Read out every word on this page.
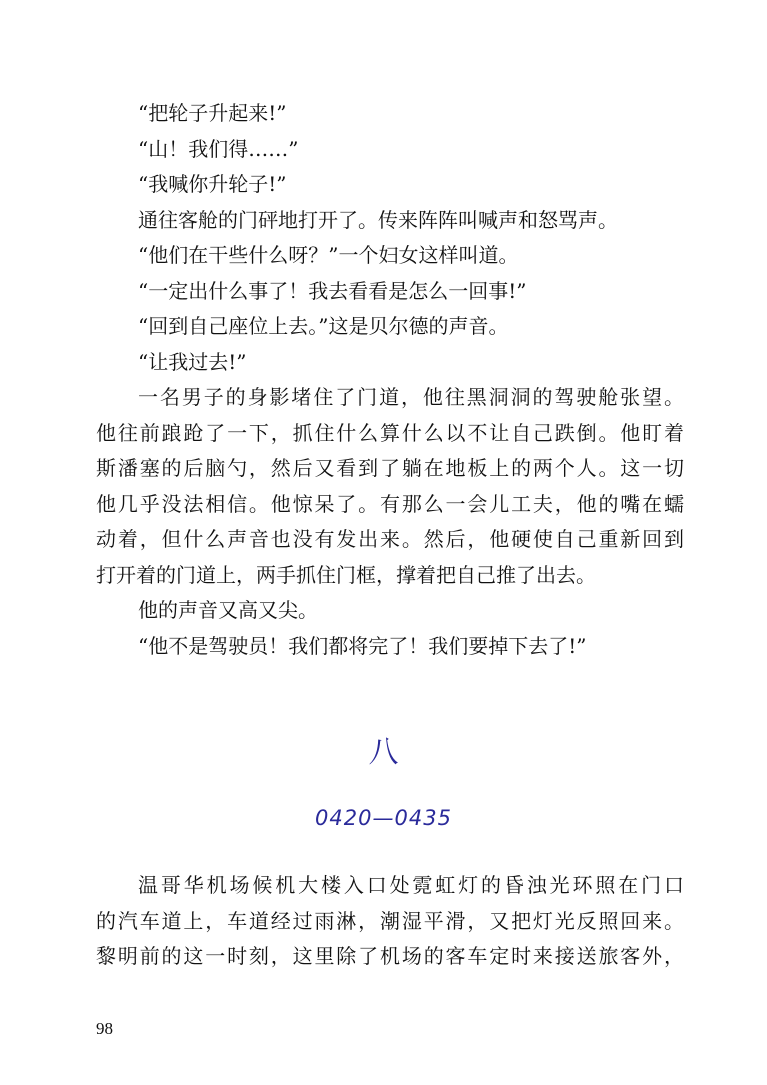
“把轮子升起来!”
“山！我们得……”
“我喊你升轮子!”
通往客舱的门砰地打开了。传来阵阵叫喊声和怒骂声。
“他们在干些什么呀？”一个妇女这样叫道。
“一定出什么事了！我去看看是怎么一回事!”
“回到自己座位上去。”这是贝尔德的声音。
“让我过去!”
一名男子的身影堵住了门道，他往黑洞洞的驾驶舱张望。
他往前踉跄了一下，抓住什么算什么以不让自己跌倒。他盯着
斯潘塞的后脑勺，然后又看到了躺在地板上的两个人。这一切
他几乎没法相信。他惊呆了。有那么一会儿工夫，他的嘴在蠕
动着，但什么声音也没有发出来。然后，他硬使自己重新回到
打开着的门道上，两手抓住门框，撑着把自己推了出去。
他的声音又高又尖。
“他不是驾驶员！我们都将完了！我们要掉下去了!”
八
0420—0435
温哥华机场候机大楼入口处霓虹灯的昏浊光环照在门口
的汽车道上，车道经过雨淋，潮湿平滑，又把灯光反照回来。
黎明前的这一时刻，这里除了机场的客车定时来接送旅客外，
98
